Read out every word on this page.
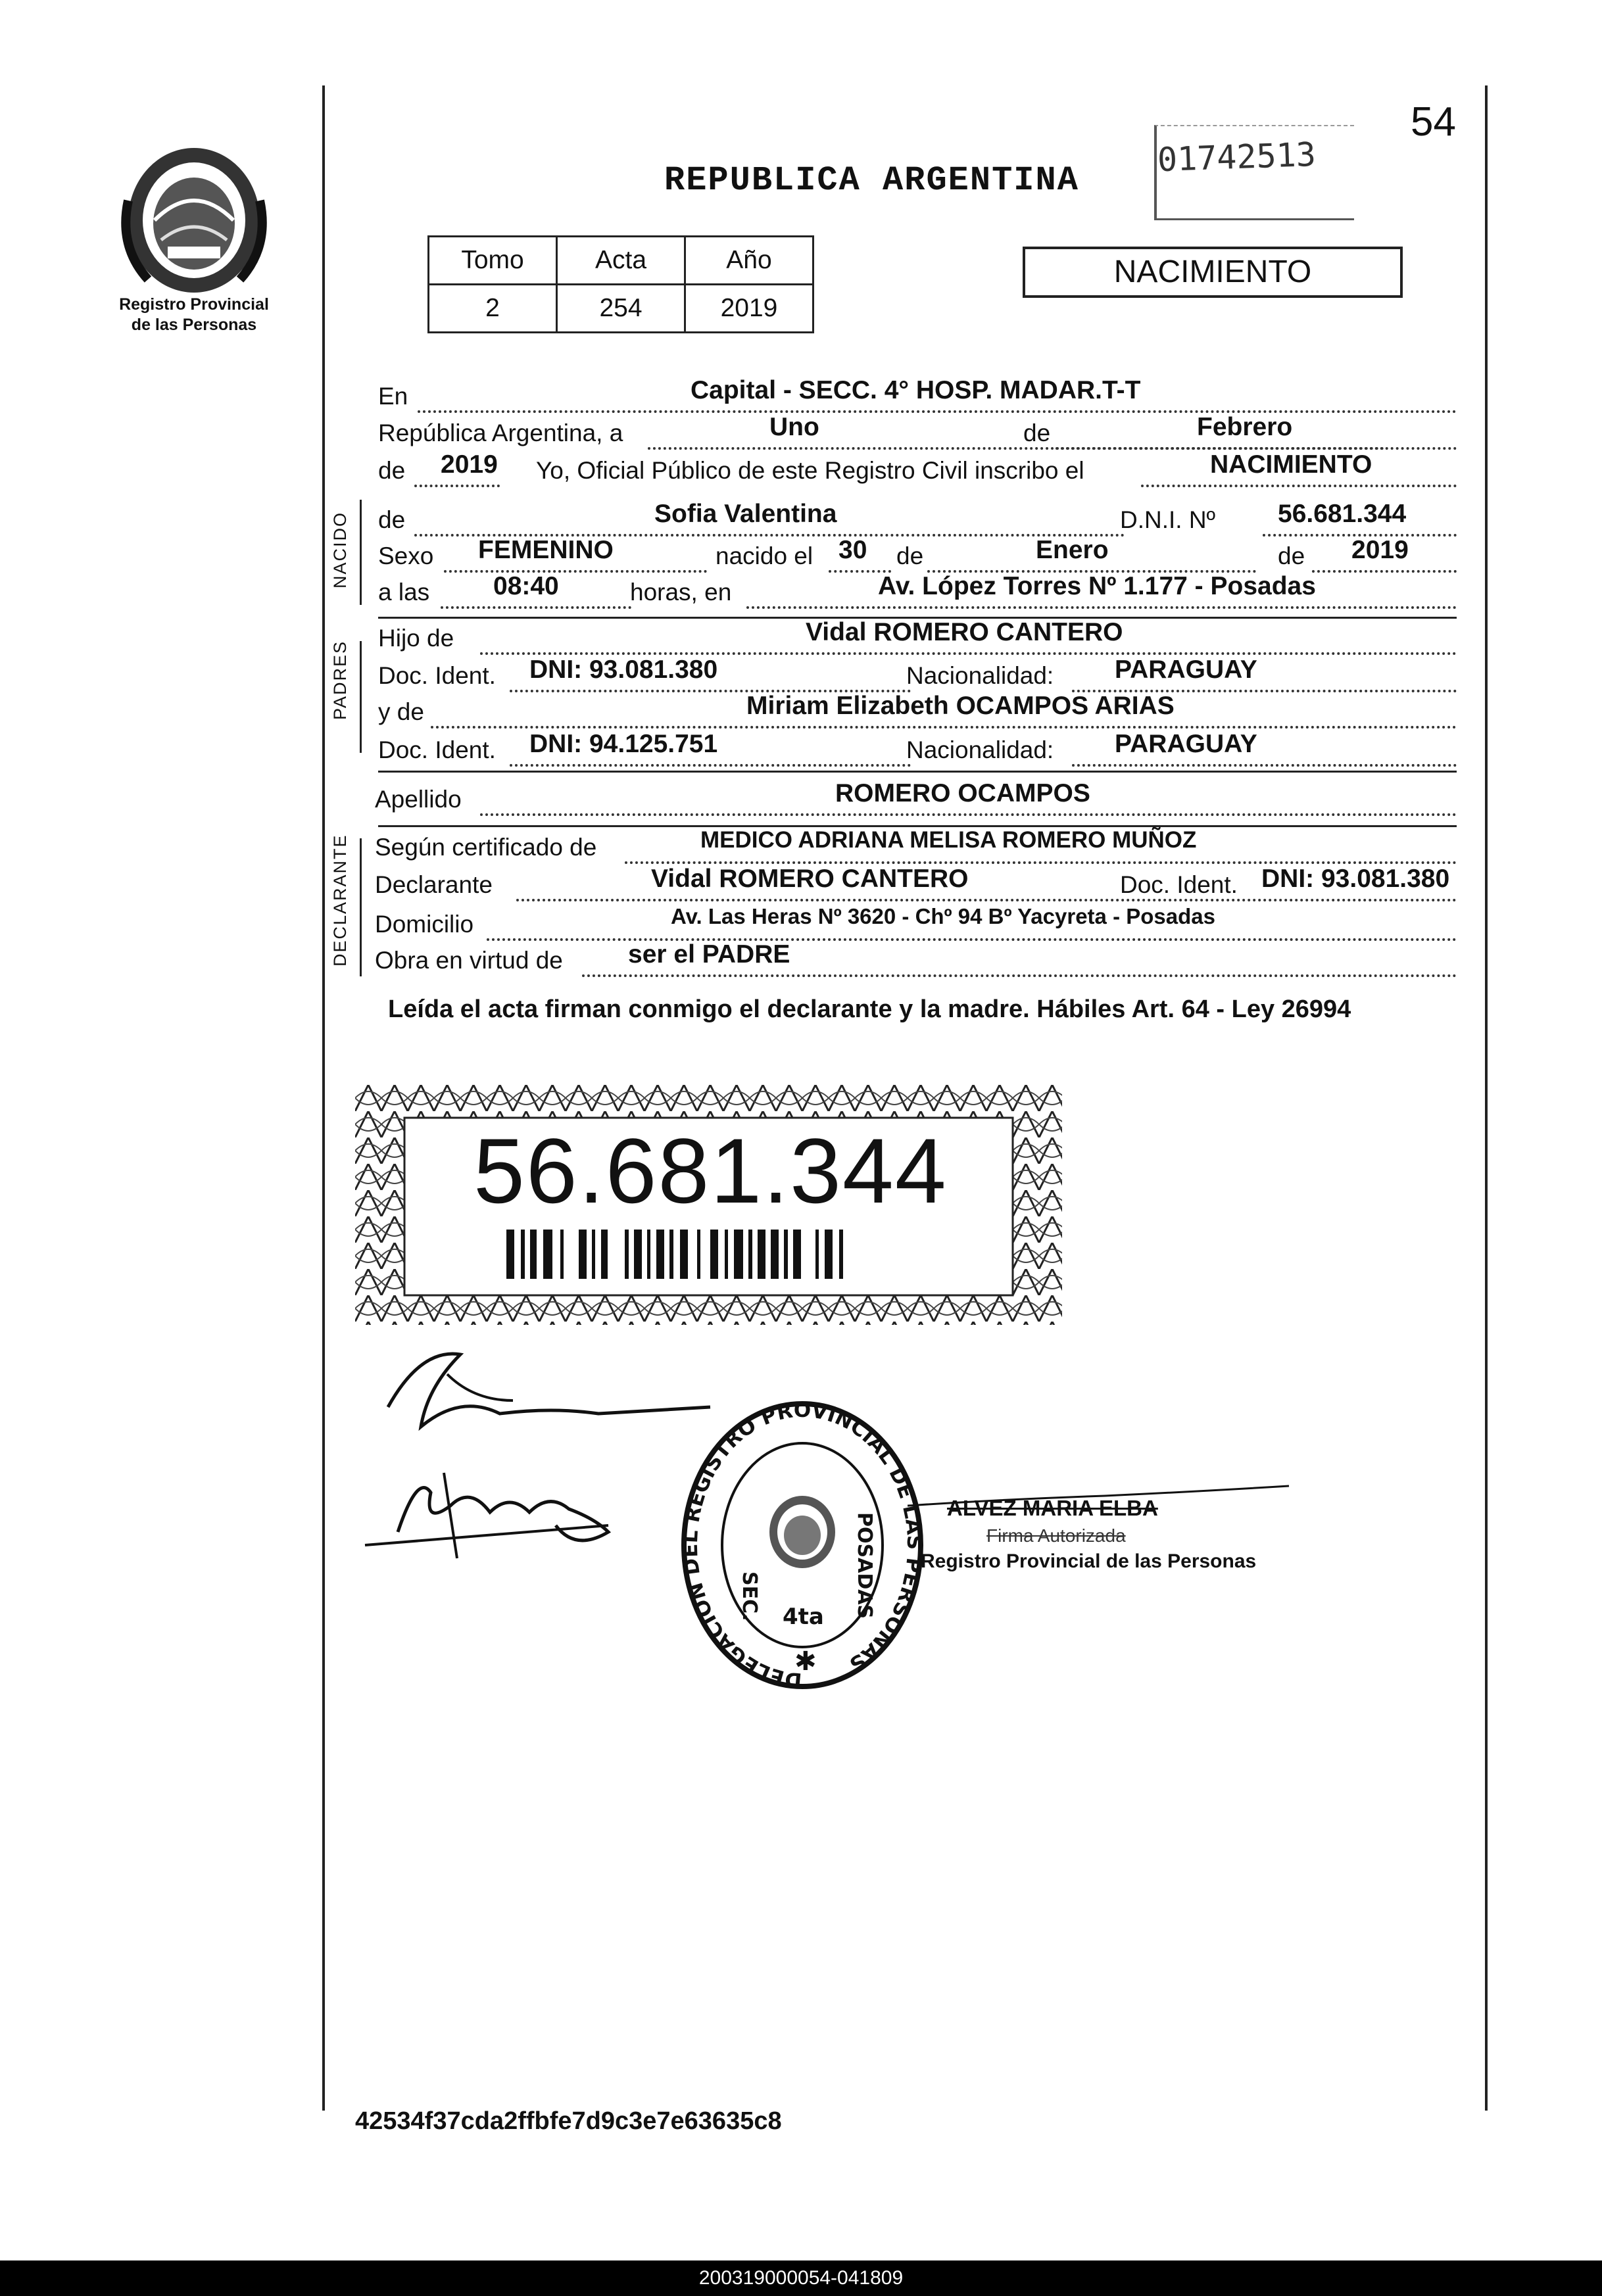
Registro Provincial
de las Personas
REPUBLICA ARGENTINA
01742513
54
Tomo	Acta	Año
2	254	2019
NACIMIENTO
En	Capital - SECC. 4° HOSP. MADAR.T-T
República Argentina, a	Uno	de	Febrero
de 2019 Yo, Oficial Público de este Registro Civil inscribo el	NACIMIENTO
NACIDO de	Sofia Valentina	D.N.I. Nº 56.681.344
Sexo FEMENINO	nacido el 30 de	Enero	de 2019
a las 08:40	horas, en	Av. López Torres Nº 1.177 - Posadas
PADRES
Hijo de	Vidal ROMERO CANTERO
Doc. Ident. DNI: 93.081.380	Nacionalidad: PARAGUAY
y de	Miriam Elizabeth OCAMPOS ARIAS
Doc. Ident. DNI: 94.125.751	Nacionalidad: PARAGUAY
Apellido	ROMERO OCAMPOS
DECLARANTE Según certificado de	MEDICO ADRIANA MELISA ROMERO MUÑOZ
Declarante	Vidal ROMERO CANTERO	Doc. Ident. DNI: 93.081.380
Domicilio	Av. Las Heras Nº 3620 - Chº 94 Bº Yacyreta - Posadas
Obra en virtud de	ser el PADRE
Leída el acta firman conmigo el declarante y la madre. Hábiles Art. 64 - Ley 26994
56.681.344
DELEGACION DEL REGISTRO PROVINCIAL DE LAS PERSONAS
SEC.	POSADAS
4ta
✱
ALVEZ MARIA ELBA
Firma Autorizada
Registro Provincial de las Personas
42534f37cda2ffbfe7d9c3e7e63635c8
200319000054-041809
